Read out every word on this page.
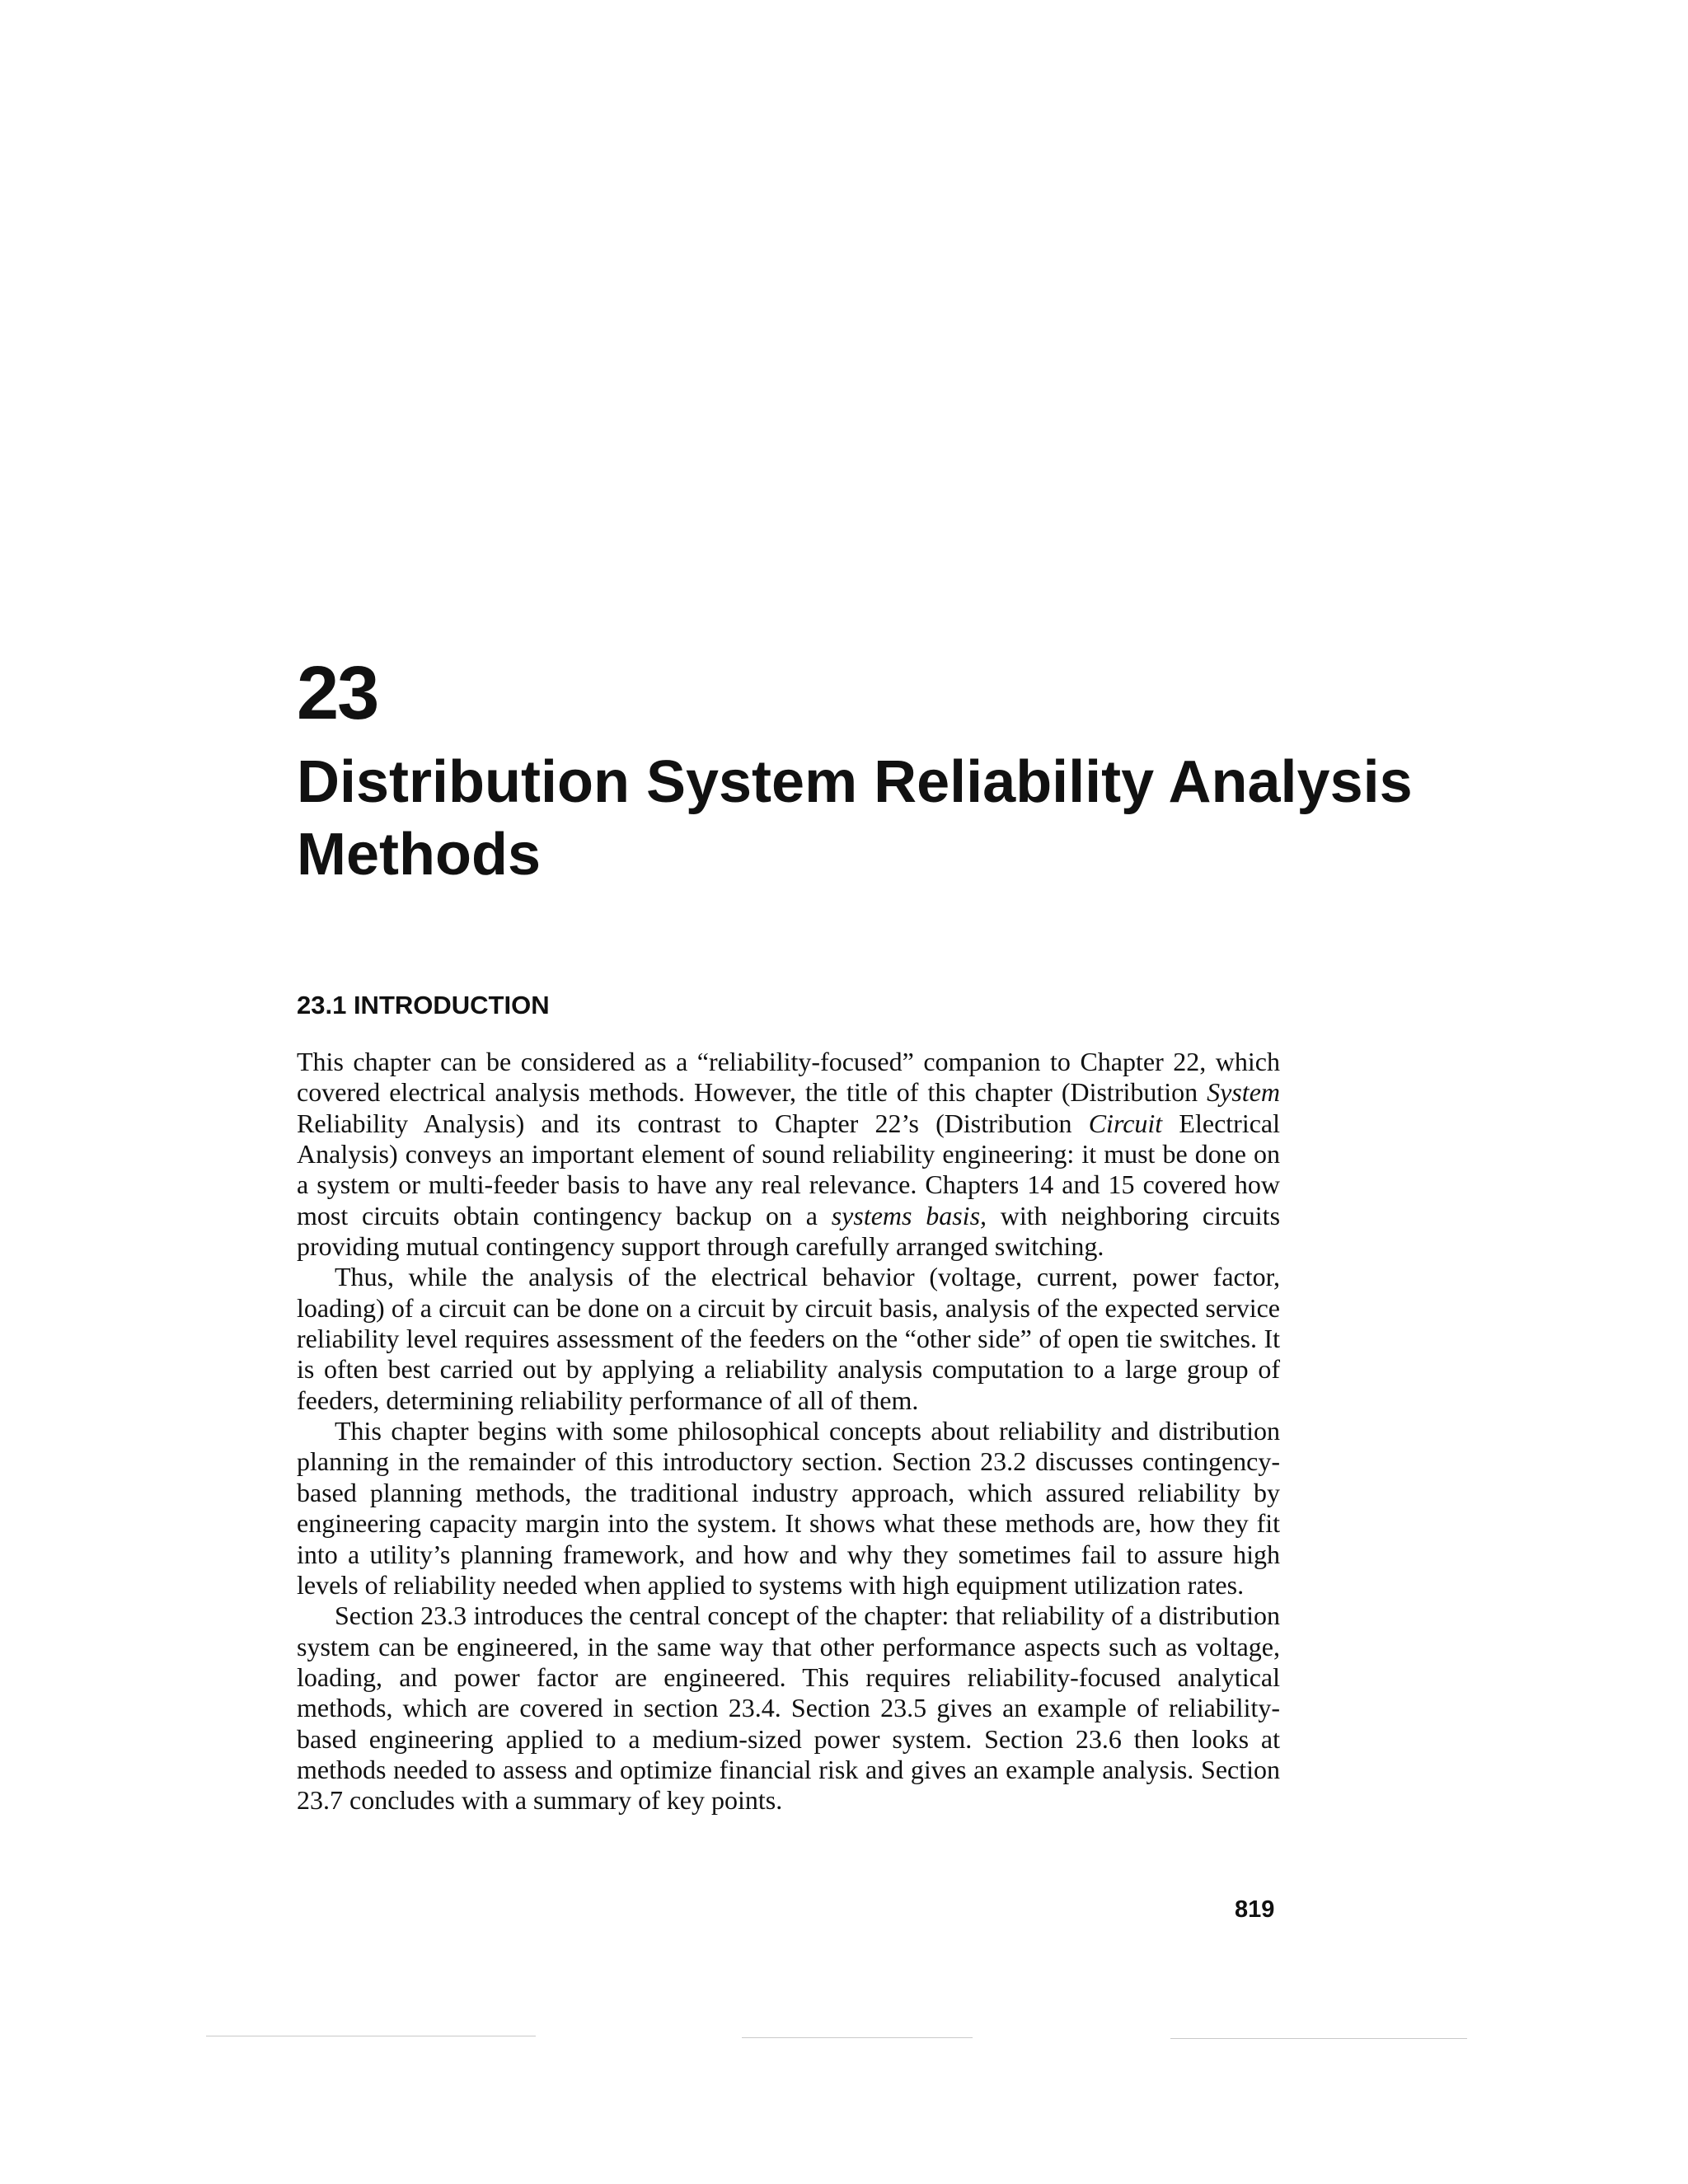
23
Distribution System Reliability Analysis Methods
23.1 INTRODUCTION

This chapter can be considered as a “reliability-focused” companion to Chapter 22, which covered electrical analysis methods. However, the title of this chapter (Distribution System Reliability Analysis) and its contrast to Chapter 22’s (Distribution Circuit Electrical Analysis) conveys an important element of sound reliability engineering: it must be done on a system or multi-feeder basis to have any real relevance. Chapters 14 and 15 covered how most circuits obtain contingency backup on a systems basis, with neighboring circuits providing mutual contingency support through carefully arranged switching.

Thus, while the analysis of the electrical behavior (voltage, current, power factor, loading) of a circuit can be done on a circuit by circuit basis, analysis of the expected service reliability level requires assessment of the feeders on the “other side” of open tie switches. It is often best carried out by applying a reliability analysis computation to a large group of feeders, determining reliability performance of all of them.

This chapter begins with some philosophical concepts about reliability and distribution planning in the remainder of this introductory section. Section 23.2 discusses contingency-based planning methods, the traditional industry approach, which assured reliability by engineering capacity margin into the system. It shows what these methods are, how they fit into a utility’s planning framework, and how and why they sometimes fail to assure high levels of reliability needed when applied to systems with high equipment utilization rates.

Section 23.3 introduces the central concept of the chapter: that reliability of a distribution system can be engineered, in the same way that other performance aspects such as voltage, loading, and power factor are engineered. This requires reliability-focused analytical methods, which are covered in section 23.4. Section 23.5 gives an example of reliability-based engineering applied to a medium-sized power system. Section 23.6 then looks at methods needed to assess and optimize financial risk and gives an example analysis. Section 23.7 concludes with a summary of key points.

819
